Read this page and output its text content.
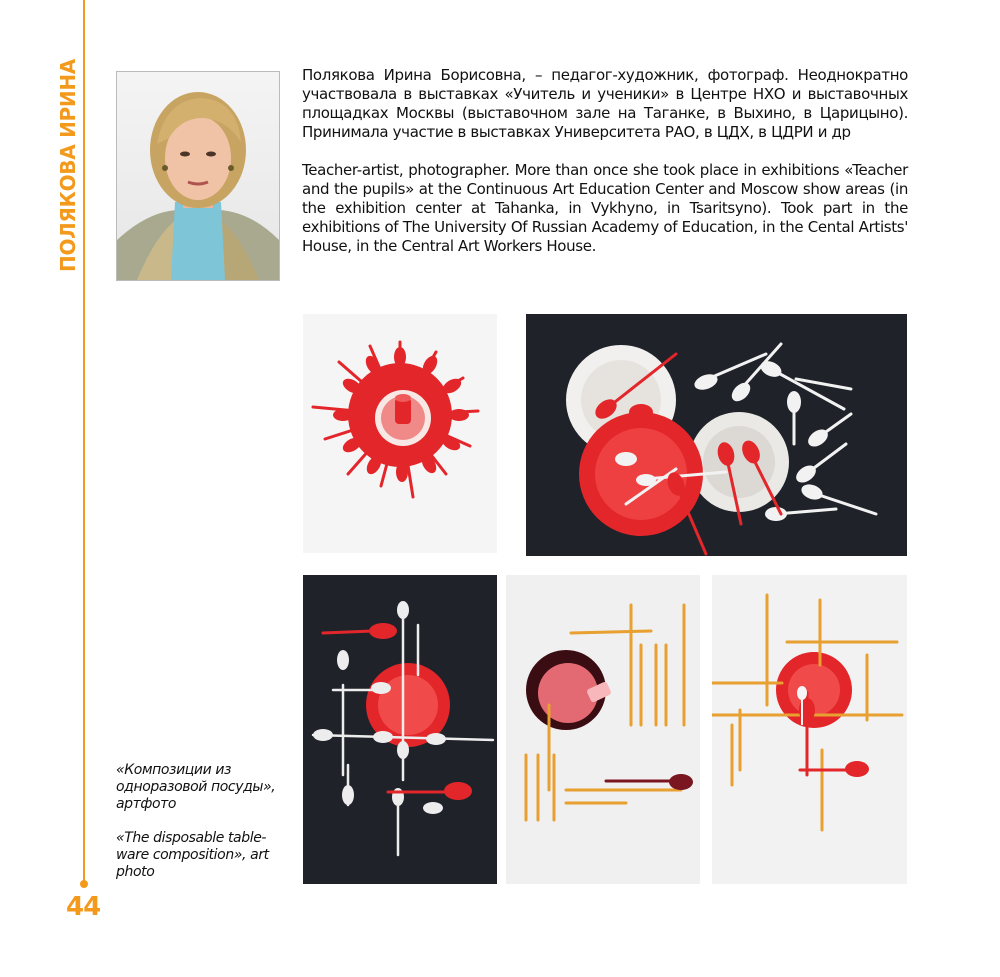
ПОЛЯКОВА ИРИНА
44

Полякова Ирина Борисовна, – педагог-художник, фотограф. Неоднократно участвовала в выставках «Учитель и ученики» в Центре НХО и выставочных площадках Москвы (выставочном зале на Таганке, в Выхино, в Царицыно). Принимала участие в выставках Университета РАО, в ЦДХ, в ЦДРИ и др

Teacher-artist, photographer. More than once she took place in exhibitions «Teacher and the pupils» at the Continuous Art Education Center and Moscow show areas (in the exhibition center at Tahanka, in Vykhyno, in Tsaritsyno). Took part in the exhibitions of The University Of Russian Academy of Education, in the Cental Artists' House, in the Central Art Workers House.

«Композиции из одноразовой посуды», артфото

«The disposable table-ware composition», art photo
